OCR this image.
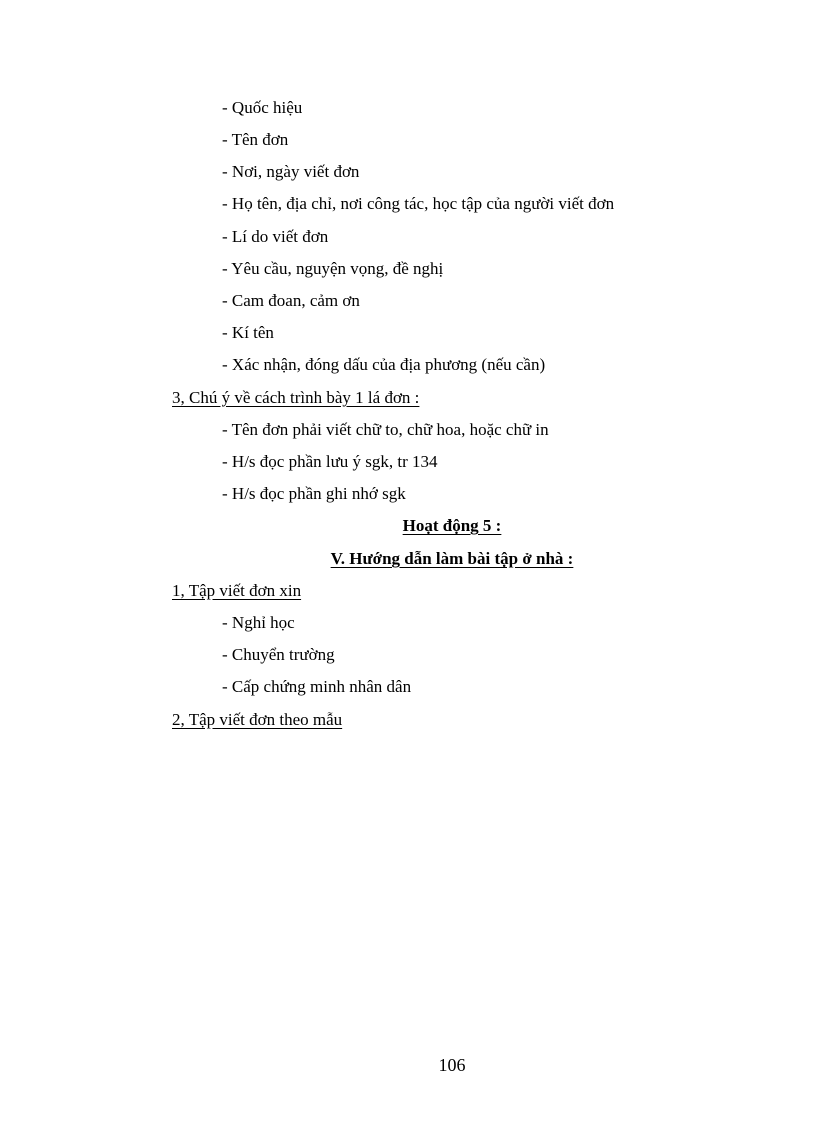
- Quốc hiệu
- Tên đơn
- Nơi, ngày viết đơn
- Họ tên, địa chỉ, nơi công tác, học tập của người viết đơn
- Lí do viết đơn
- Yêu cầu, nguyện vọng, đề nghị
- Cam đoan, cảm ơn
- Kí tên
- Xác nhận, đóng dấu của địa phương (nếu cần)
3, Chú ý về cách trình bày 1 lá đơn :
- Tên đơn phải viết chữ to, chữ hoa, hoặc chữ in
- H/s đọc phần lưu ý sgk, tr 134
- H/s đọc phần ghi nhớ sgk
Hoạt động 5 :
V. Hướng dẫn làm bài tập ở nhà :
1, Tập viết đơn xin
- Nghỉ học
- Chuyển trường
- Cấp chứng minh nhân dân
2, Tập viết đơn theo mẫu
106
